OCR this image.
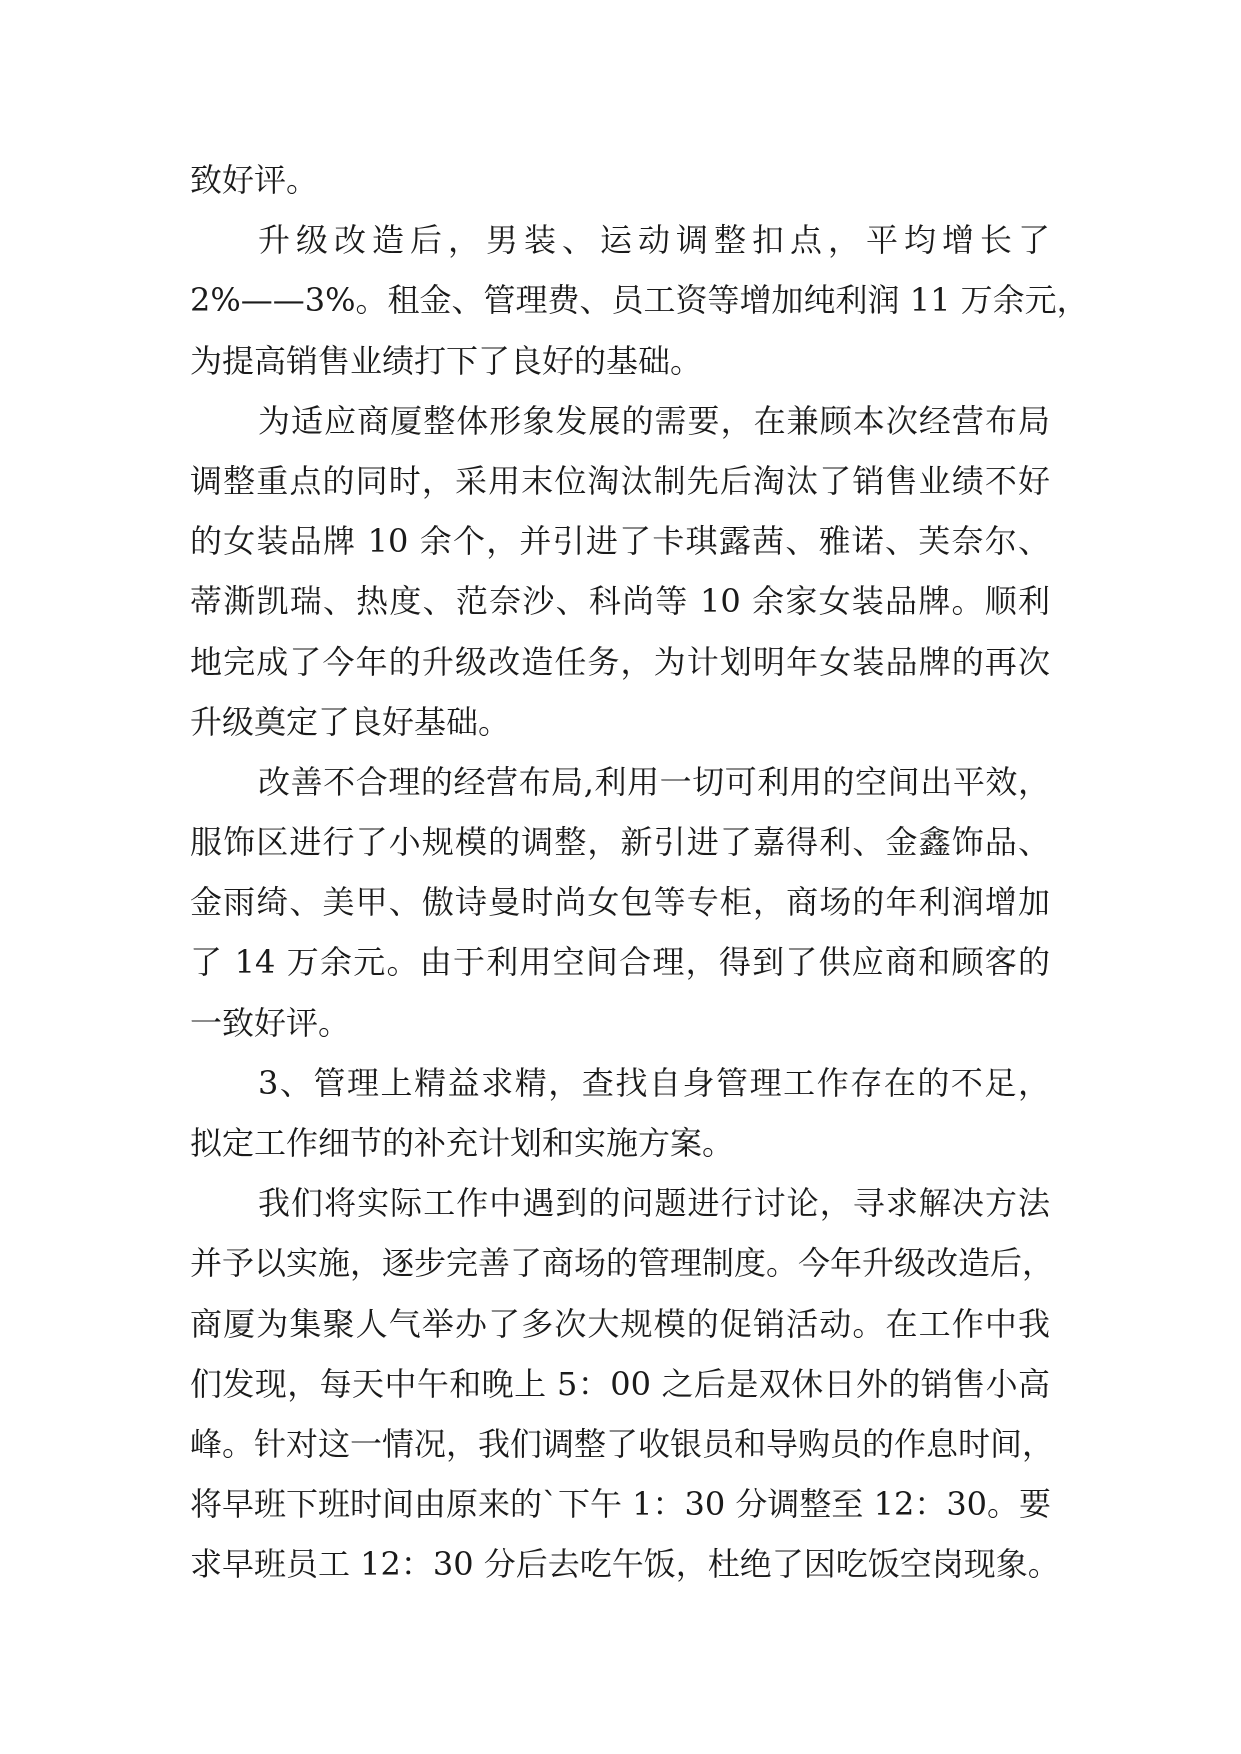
致好评。
升级改造后，男装、运动调整扣点，平均增长了
2%——3%。租金、管理费、员工资等增加纯利润 11 万余元，
为提高销售业绩打下了良好的基础。
为适应商厦整体形象发展的需要，在兼顾本次经营布局
调整重点的同时，采用末位淘汰制先后淘汰了销售业绩不好
的女装品牌 10 余个，并引进了卡琪露茜、雅诺、芙奈尔、
蒂澌凯瑞、热度、范奈沙、科尚等 10 余家女装品牌。顺利
地完成了今年的升级改造任务，为计划明年女装品牌的再次
升级奠定了良好基础。
改善不合理的经营布局,利用一切可利用的空间出平效，
服饰区进行了小规模的调整，新引进了嘉得利、金鑫饰品、
金雨绮、美甲、傲诗曼时尚女包等专柜，商场的年利润增加
了 14 万余元。由于利用空间合理，得到了供应商和顾客的
一致好评。
3、管理上精益求精，查找自身管理工作存在的不足，
拟定工作细节的补充计划和实施方案。
我们将实际工作中遇到的问题进行讨论，寻求解决方法
并予以实施，逐步完善了商场的管理制度。今年升级改造后，
商厦为集聚人气举办了多次大规模的促销活动。在工作中我
们发现，每天中午和晚上 5：00 之后是双休日外的销售小高
峰。针对这一情况，我们调整了收银员和导购员的作息时间，
将早班下班时间由原来的`下午 1：30 分调整至 12：30。要
求早班员工 12：30 分后去吃午饭，杜绝了因吃饭空岗现象。
